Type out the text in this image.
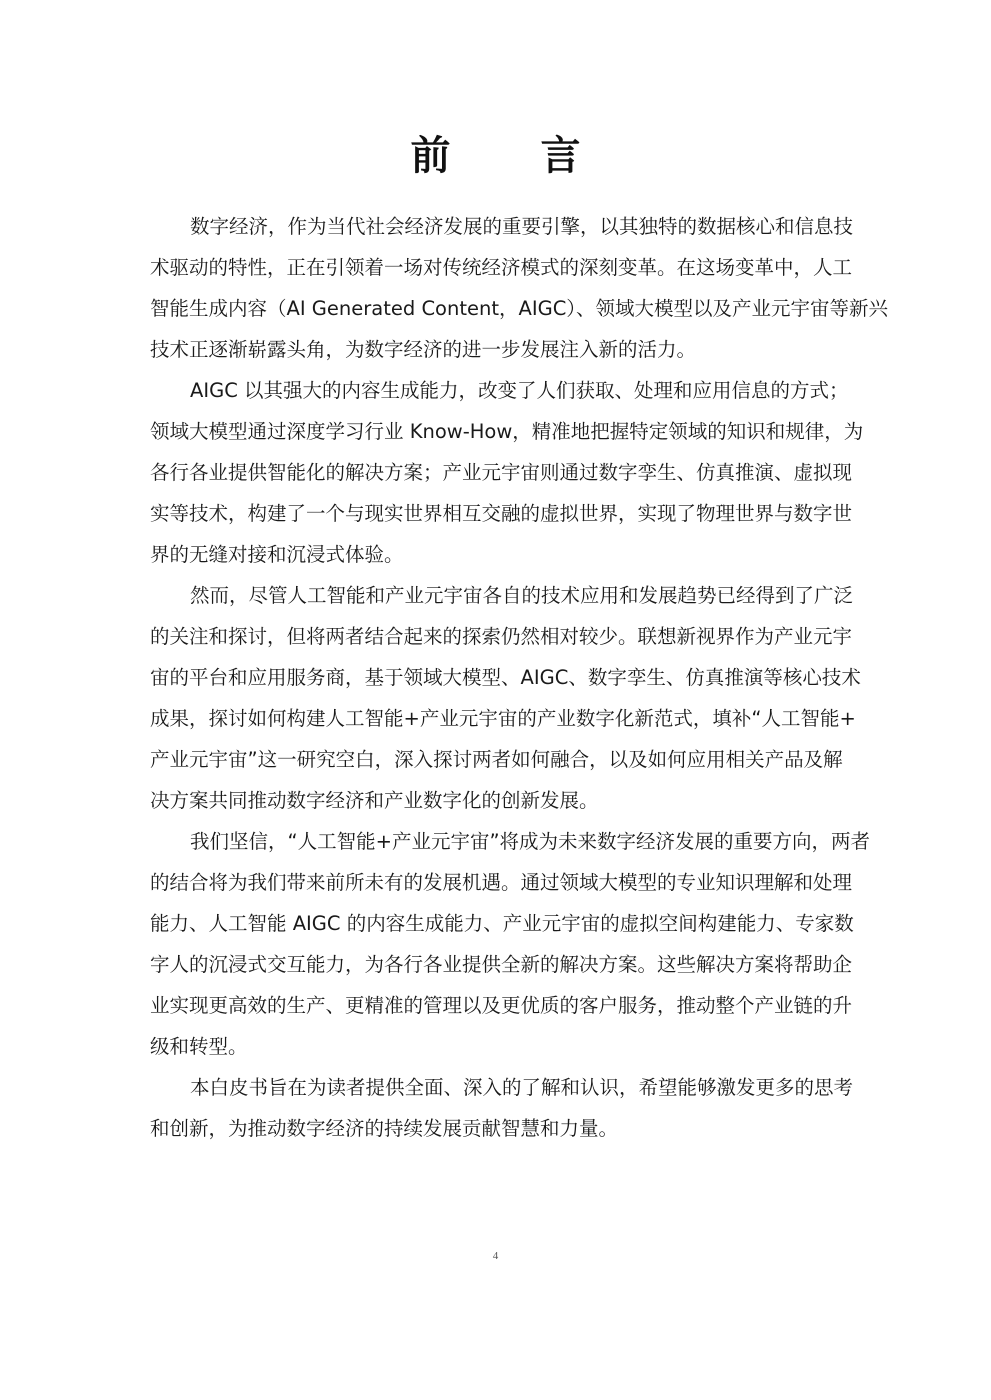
前 言
数字经济，作为当代社会经济发展的重要引擎，以其独特的数据核心和信息技
术驱动的特性，正在引领着一场对传统经济模式的深刻变革。在这场变革中，人工
智能生成内容（AI Generated Content，AIGC）、领域大模型以及产业元宇宙等新兴
技术正逐渐崭露头角，为数字经济的进一步发展注入新的活力。
AIGC 以其强大的内容生成能力，改变了人们获取、处理和应用信息的方式；
领域大模型通过深度学习行业 Know-How，精准地把握特定领域的知识和规律，为
各行各业提供智能化的解决方案；产业元宇宙则通过数字孪生、仿真推演、虚拟现
实等技术，构建了一个与现实世界相互交融的虚拟世界，实现了物理世界与数字世
界的无缝对接和沉浸式体验。
然而，尽管人工智能和产业元宇宙各自的技术应用和发展趋势已经得到了广泛
的关注和探讨，但将两者结合起来的探索仍然相对较少。联想新视界作为产业元宇
宙的平台和应用服务商，基于领域大模型、AIGC、数字孪生、仿真推演等核心技术
成果，探讨如何构建人工智能+产业元宇宙的产业数字化新范式，填补“人工智能+
产业元宇宙”这一研究空白，深入探讨两者如何融合，以及如何应用相关产品及解
决方案共同推动数字经济和产业数字化的创新发展。
我们坚信，“人工智能+产业元宇宙”将成为未来数字经济发展的重要方向，两者
的结合将为我们带来前所未有的发展机遇。通过领域大模型的专业知识理解和处理
能力、人工智能 AIGC 的内容生成能力、产业元宇宙的虚拟空间构建能力、专家数
字人的沉浸式交互能力，为各行各业提供全新的解决方案。这些解决方案将帮助企
业实现更高效的生产、更精准的管理以及更优质的客户服务，推动整个产业链的升
级和转型。
本白皮书旨在为读者提供全面、深入的了解和认识，希望能够激发更多的思考
和创新，为推动数字经济的持续发展贡献智慧和力量。
4
